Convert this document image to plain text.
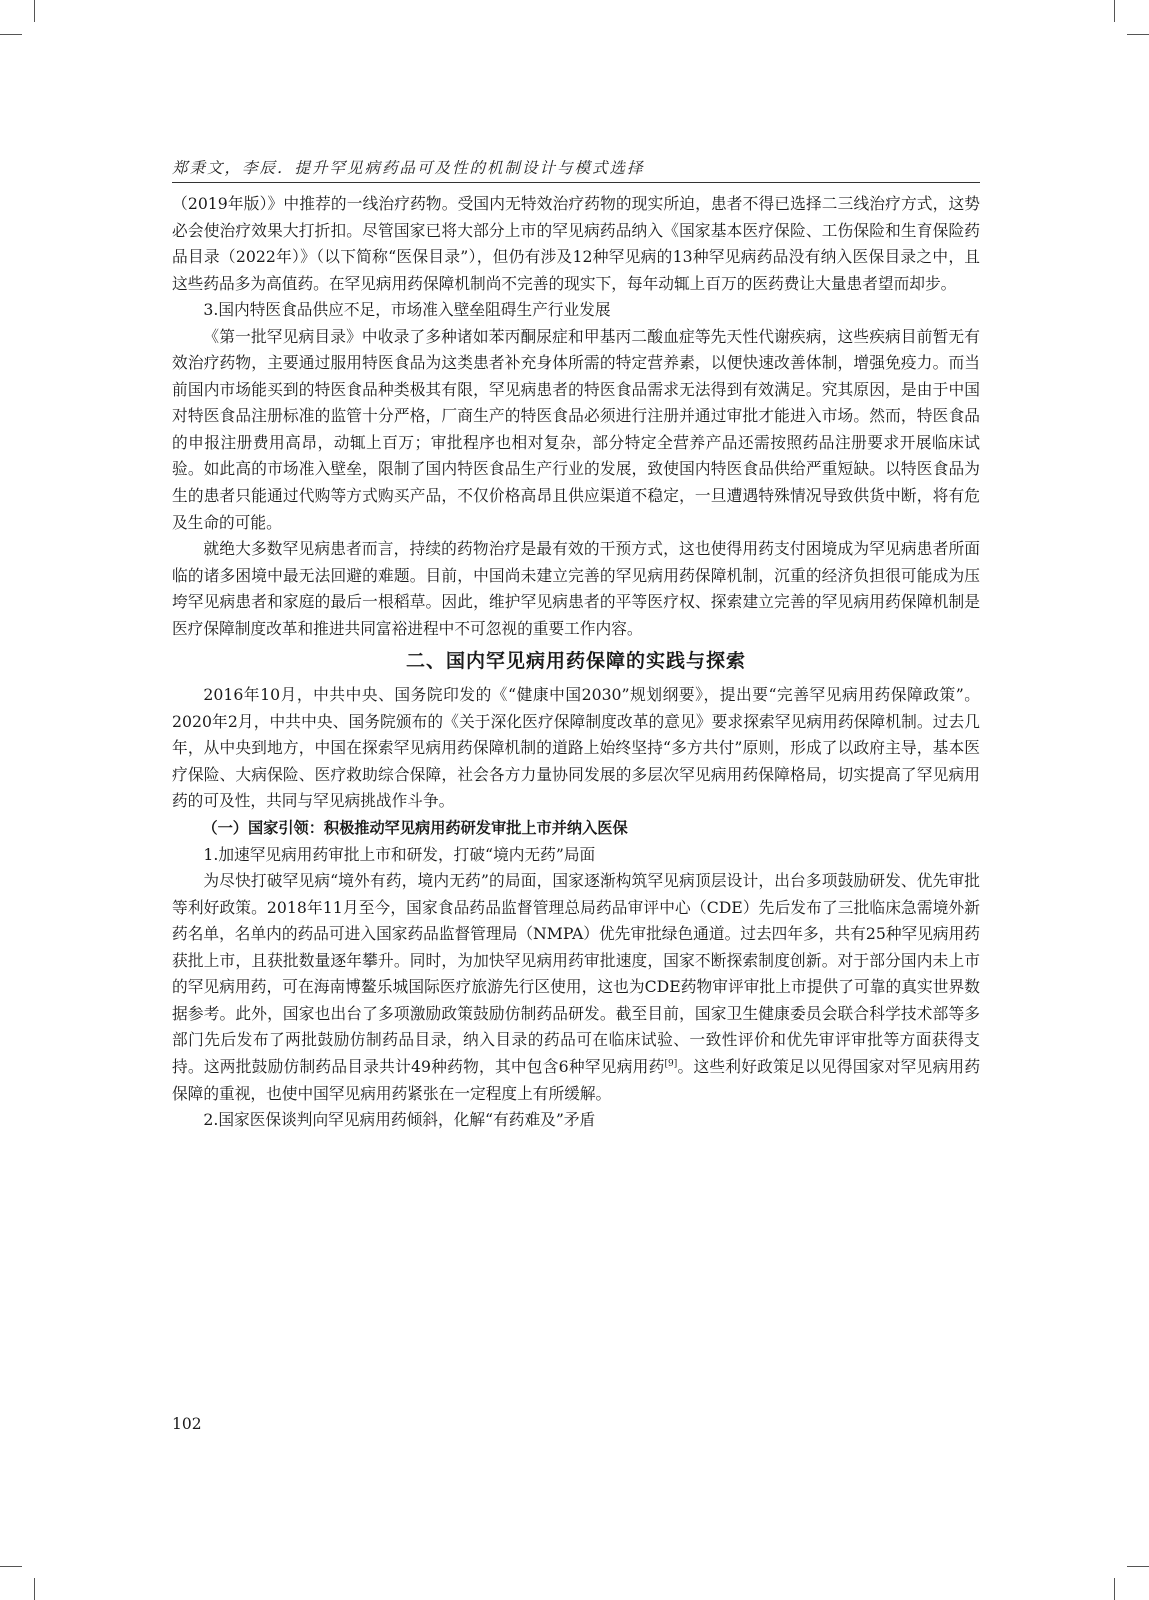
郑秉文，李辰．提升罕见病药品可及性的机制设计与模式选择

（2019年版）》中推荐的一线治疗药物。受国内无特效治疗药物的现实所迫，患者不得已选择二三线治疗方式，这势必会使治疗效果大打折扣。尽管国家已将大部分上市的罕见病药品纳入《国家基本医疗保险、工伤保险和生育保险药品目录（2022年）》（以下简称“医保目录”），但仍有涉及12种罕见病的13种罕见病药品没有纳入医保目录之中，且这些药品多为高值药。在罕见病用药保障机制尚不完善的现实下，每年动辄上百万的医药费让大量患者望而却步。

3.国内特医食品供应不足，市场准入壁垒阻碍生产行业发展

《第一批罕见病目录》中收录了多种诸如苯丙酮尿症和甲基丙二酸血症等先天性代谢疾病，这些疾病目前暂无有效治疗药物，主要通过服用特医食品为这类患者补充身体所需的特定营养素，以便快速改善体制，增强免疫力。而当前国内市场能买到的特医食品种类极其有限，罕见病患者的特医食品需求无法得到有效满足。究其原因，是由于中国对特医食品注册标准的监管十分严格，厂商生产的特医食品必须进行注册并通过审批才能进入市场。然而，特医食品的申报注册费用高昂，动辄上百万；审批程序也相对复杂，部分特定全营养产品还需按照药品注册要求开展临床试验。如此高的市场准入壁垒，限制了国内特医食品生产行业的发展，致使国内特医食品供给严重短缺。以特医食品为生的患者只能通过代购等方式购买产品，不仅价格高昂且供应渠道不稳定，一旦遭遇特殊情况导致供货中断，将有危及生命的可能。

就绝大多数罕见病患者而言，持续的药物治疗是最有效的干预方式，这也使得用药支付困境成为罕见病患者所面临的诸多困境中最无法回避的难题。目前，中国尚未建立完善的罕见病用药保障机制，沉重的经济负担很可能成为压垮罕见病患者和家庭的最后一根稻草。因此，维护罕见病患者的平等医疗权、探索建立完善的罕见病用药保障机制是医疗保障制度改革和推进共同富裕进程中不可忽视的重要工作内容。

二、国内罕见病用药保障的实践与探索

2016年10月，中共中央、国务院印发的《“健康中国2030”规划纲要》，提出要“完善罕见病用药保障政策”。2020年2月，中共中央、国务院颁布的《关于深化医疗保障制度改革的意见》要求探索罕见病用药保障机制。过去几年，从中央到地方，中国在探索罕见病用药保障机制的道路上始终坚持“多方共付”原则，形成了以政府主导，基本医疗保险、大病保险、医疗救助综合保障，社会各方力量协同发展的多层次罕见病用药保障格局，切实提高了罕见病用药的可及性，共同与罕见病挑战作斗争。

（一）国家引领：积极推动罕见病用药研发审批上市并纳入医保
1.加速罕见病用药审批上市和研发，打破“境内无药”局面

为尽快打破罕见病“境外有药，境内无药”的局面，国家逐渐构筑罕见病顶层设计，出台多项鼓励研发、优先审批等利好政策。2018年11月至今，国家食品药品监督管理总局药品审评中心（CDE）先后发布了三批临床急需境外新药名单，名单内的药品可进入国家药品监督管理局（NMPA）优先审批绿色通道。过去四年多，共有25种罕见病用药获批上市，且获批数量逐年攀升。同时，为加快罕见病用药审批速度，国家不断探索制度创新。对于部分国内未上市的罕见病用药，可在海南博鳌乐城国际医疗旅游先行区使用，这也为CDE药物审评审批上市提供了可靠的真实世界数据参考。此外，国家也出台了多项激励政策鼓励仿制药品研发。截至目前，国家卫生健康委员会联合科学技术部等多部门先后发布了两批鼓励仿制药品目录，纳入目录的药品可在临床试验、一致性评价和优先审评审批等方面获得支持。这两批鼓励仿制药品目录共计49种药物，其中包含6种罕见病用药[9]。这些利好政策足以见得国家对罕见病用药保障的重视，也使中国罕见病用药紧张在一定程度上有所缓解。

2.国家医保谈判向罕见病用药倾斜，化解“有药难及”矛盾
102
